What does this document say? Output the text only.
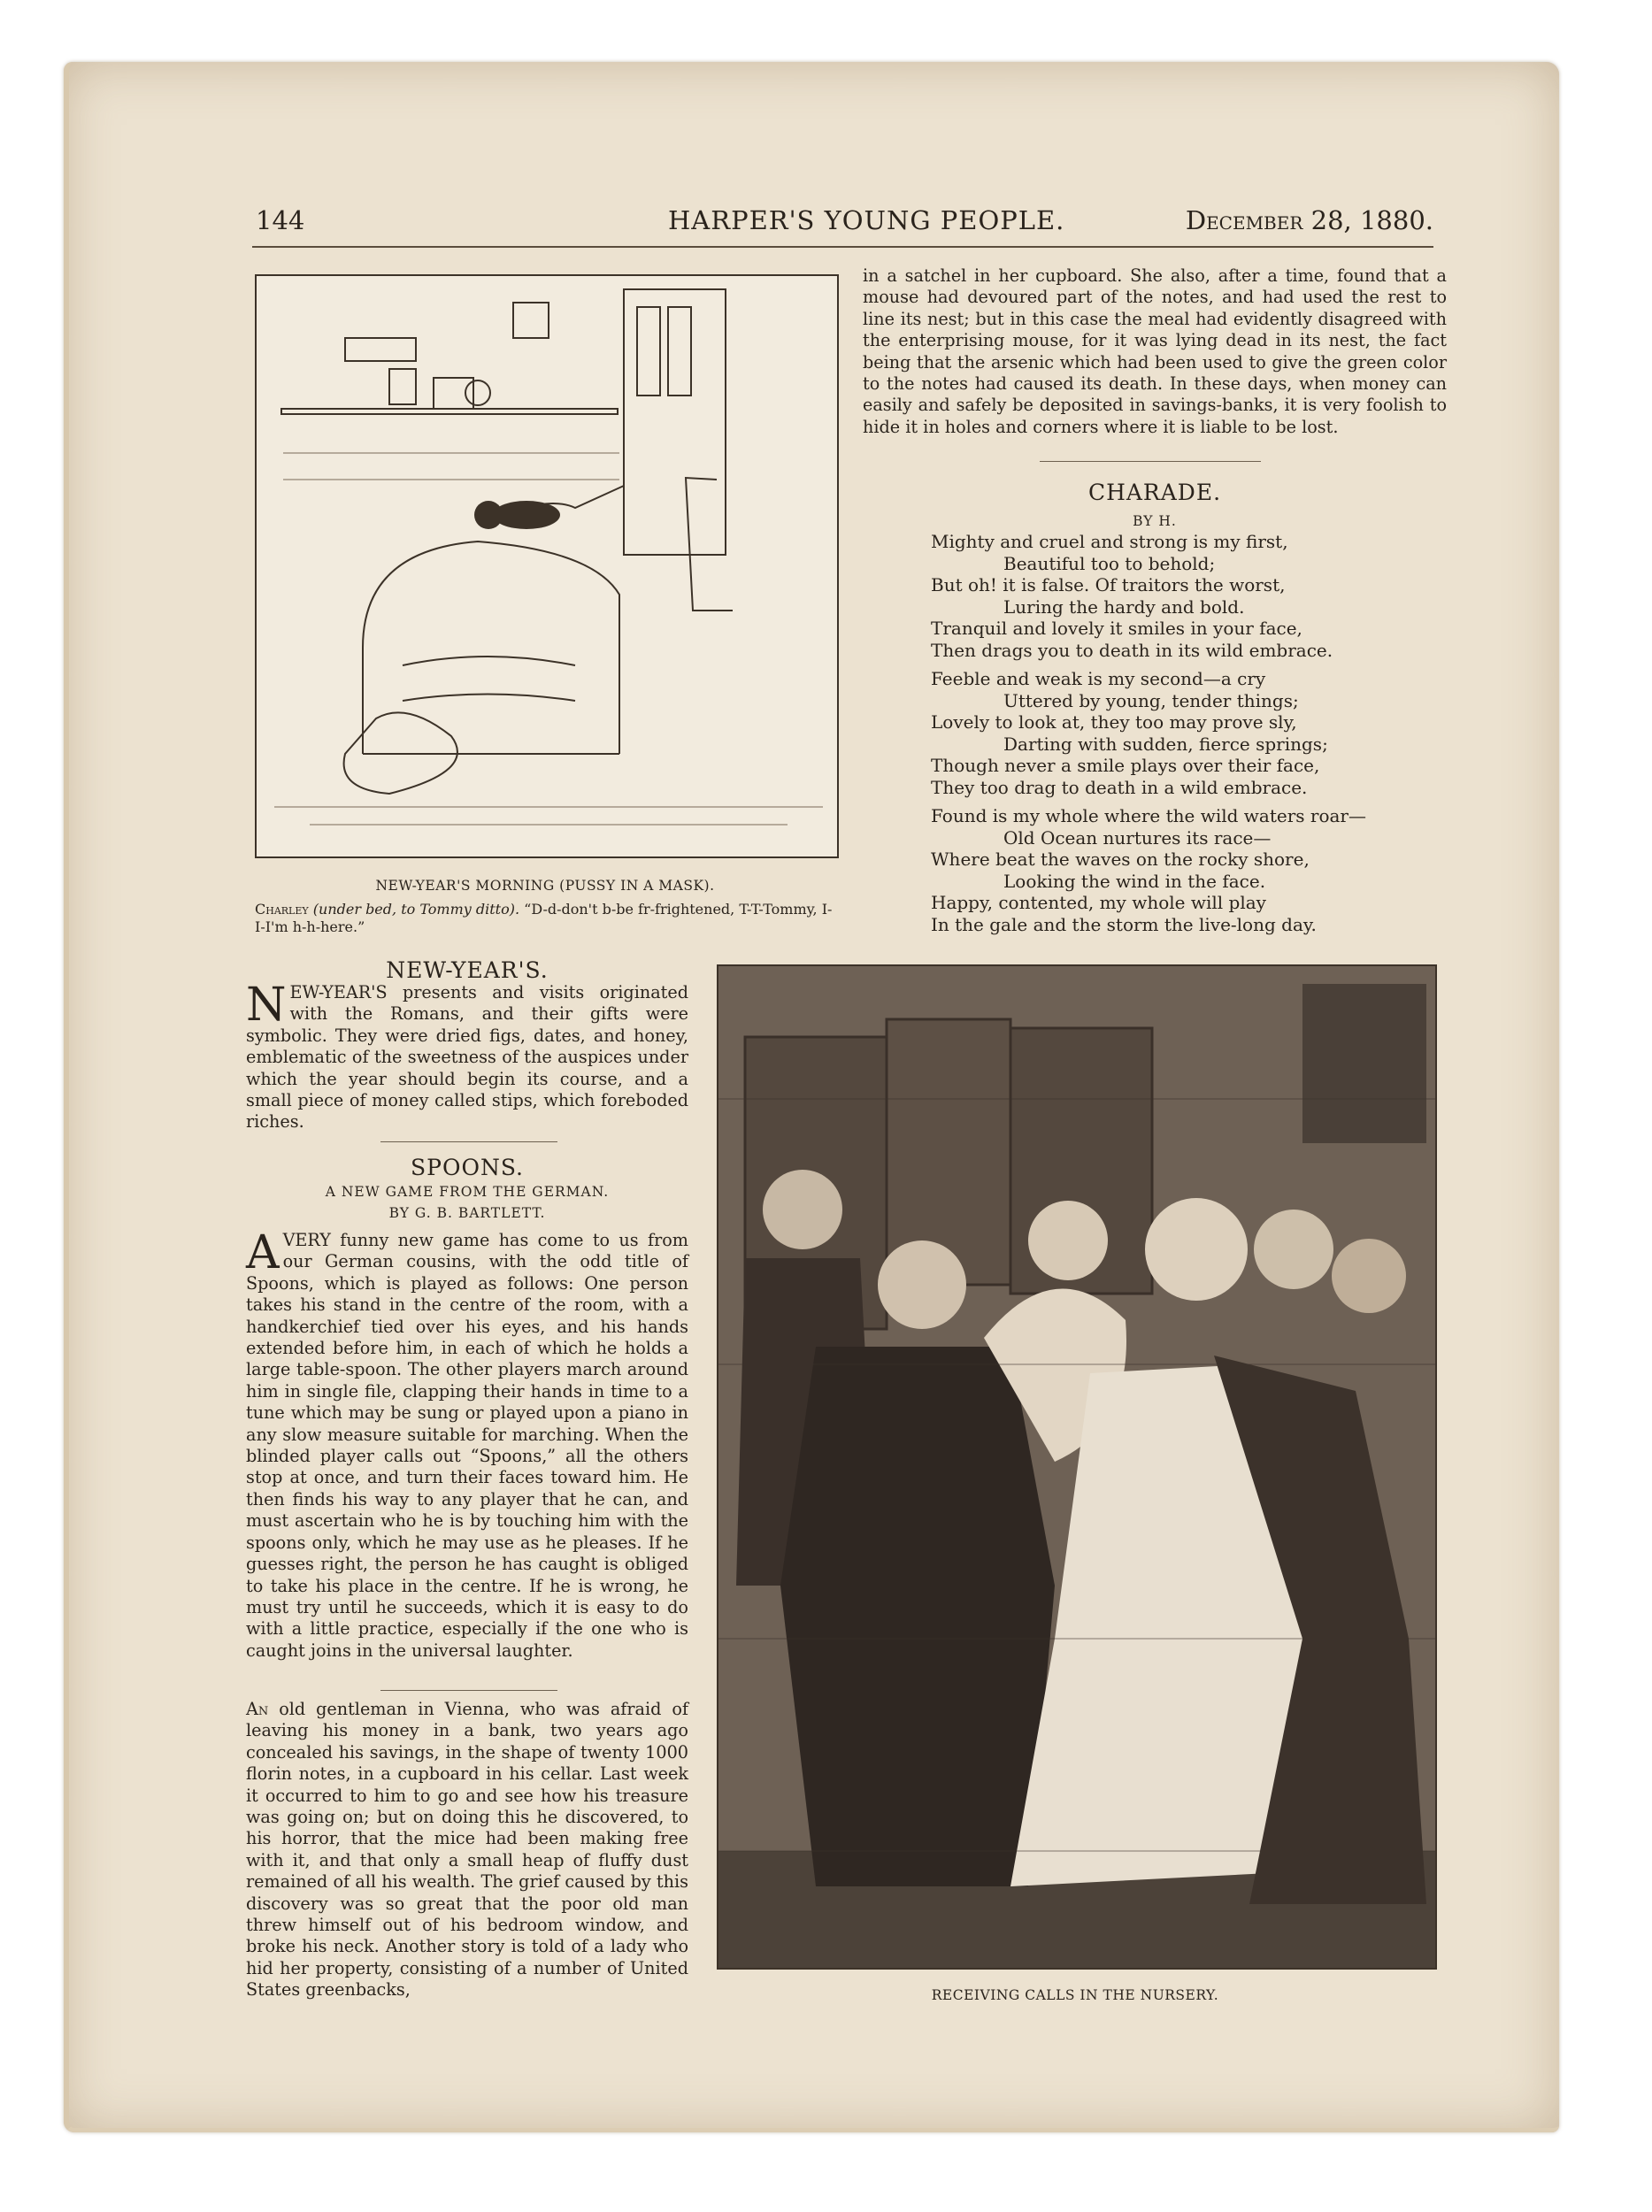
144	HARPER'S YOUNG PEOPLE.	December 28, 1880.
NEW-YEAR'S MORNING (PUSSY IN A MASK).
Charley (under bed, to Tommy ditto). “D-d-don't b-be fr-frightened, T-T-Tommy, I-I-I'm h-h-here.”

in a satchel in her cupboard. She also, after a time, found that a mouse had devoured part of the notes, and had used the rest to line its nest; but in this case the meal had evidently disagreed with the enterprising mouse, for it was lying dead in its nest, the fact being that the arsenic which had been used to give the green color to the notes had caused its death. In these days, when money can easily and safely be deposited in savings-banks, it is very foolish to hide it in holes and corners where it is liable to be lost.

CHARADE.
BY H.
Mighty and cruel and strong is my first,
Beautiful too to behold;
But oh! it is false. Of traitors the worst,
Luring the hardy and bold.
Tranquil and lovely it smiles in your face,
Then drags you to death in its wild embrace.
Feeble and weak is my second—a cry
Uttered by young, tender things;
Lovely to look at, they too may prove sly,
Darting with sudden, fierce springs;
Though never a smile plays over their face,
They too drag to death in a wild embrace.
Found is my whole where the wild waters roar—
Old Ocean nurtures its race—
Where beat the waves on the rocky shore,
Looking the wind in the face.
Happy, contented, my whole will play
In the gale and the storm the live-long day.
NEW-YEAR'S.

NEW-YEAR'S presents and visits originated with the Romans, and their gifts were symbolic. They were dried figs, dates, and honey, emblematic of the sweetness of the auspices under which the year should begin its course, and a small piece of money called stips, which foreboded riches.

SPOONS.
A NEW GAME FROM THE GERMAN.
BY G. B. BARTLETT.

AVERY funny new game has come to us from our German cousins, with the odd title of Spoons, which is played as follows: One person takes his stand in the centre of the room, with a handkerchief tied over his eyes, and his hands extended before him, in each of which he holds a large table-spoon. The other players march around him in single file, clapping their hands in time to a tune which may be sung or played upon a piano in any slow measure suitable for marching. When the blinded player calls out “Spoons,” all the others stop at once, and turn their faces toward him. He then finds his way to any player that he can, and must ascertain who he is by touching him with the spoons only, which he may use as he pleases. If he guesses right, the person he has caught is obliged to take his place in the centre. If he is wrong, he must try until he succeeds, which it is easy to do with a little practice, especially if the one who is caught joins in the universal laughter.

An old gentleman in Vienna, who was afraid of leaving his money in a bank, two years ago concealed his savings, in the shape of twenty 1000 florin notes, in a cupboard in his cellar. Last week it occurred to him to go and see how his treasure was going on; but on doing this he discovered, to his horror, that the mice had been making free with it, and that only a small heap of fluffy dust remained of all his wealth. The grief caused by this discovery was so great that the poor old man threw himself out of his bedroom window, and broke his neck. Another story is told of a lady who hid her property, consisting of a number of United States greenbacks,	RECEIVING CALLS IN THE NURSERY.
